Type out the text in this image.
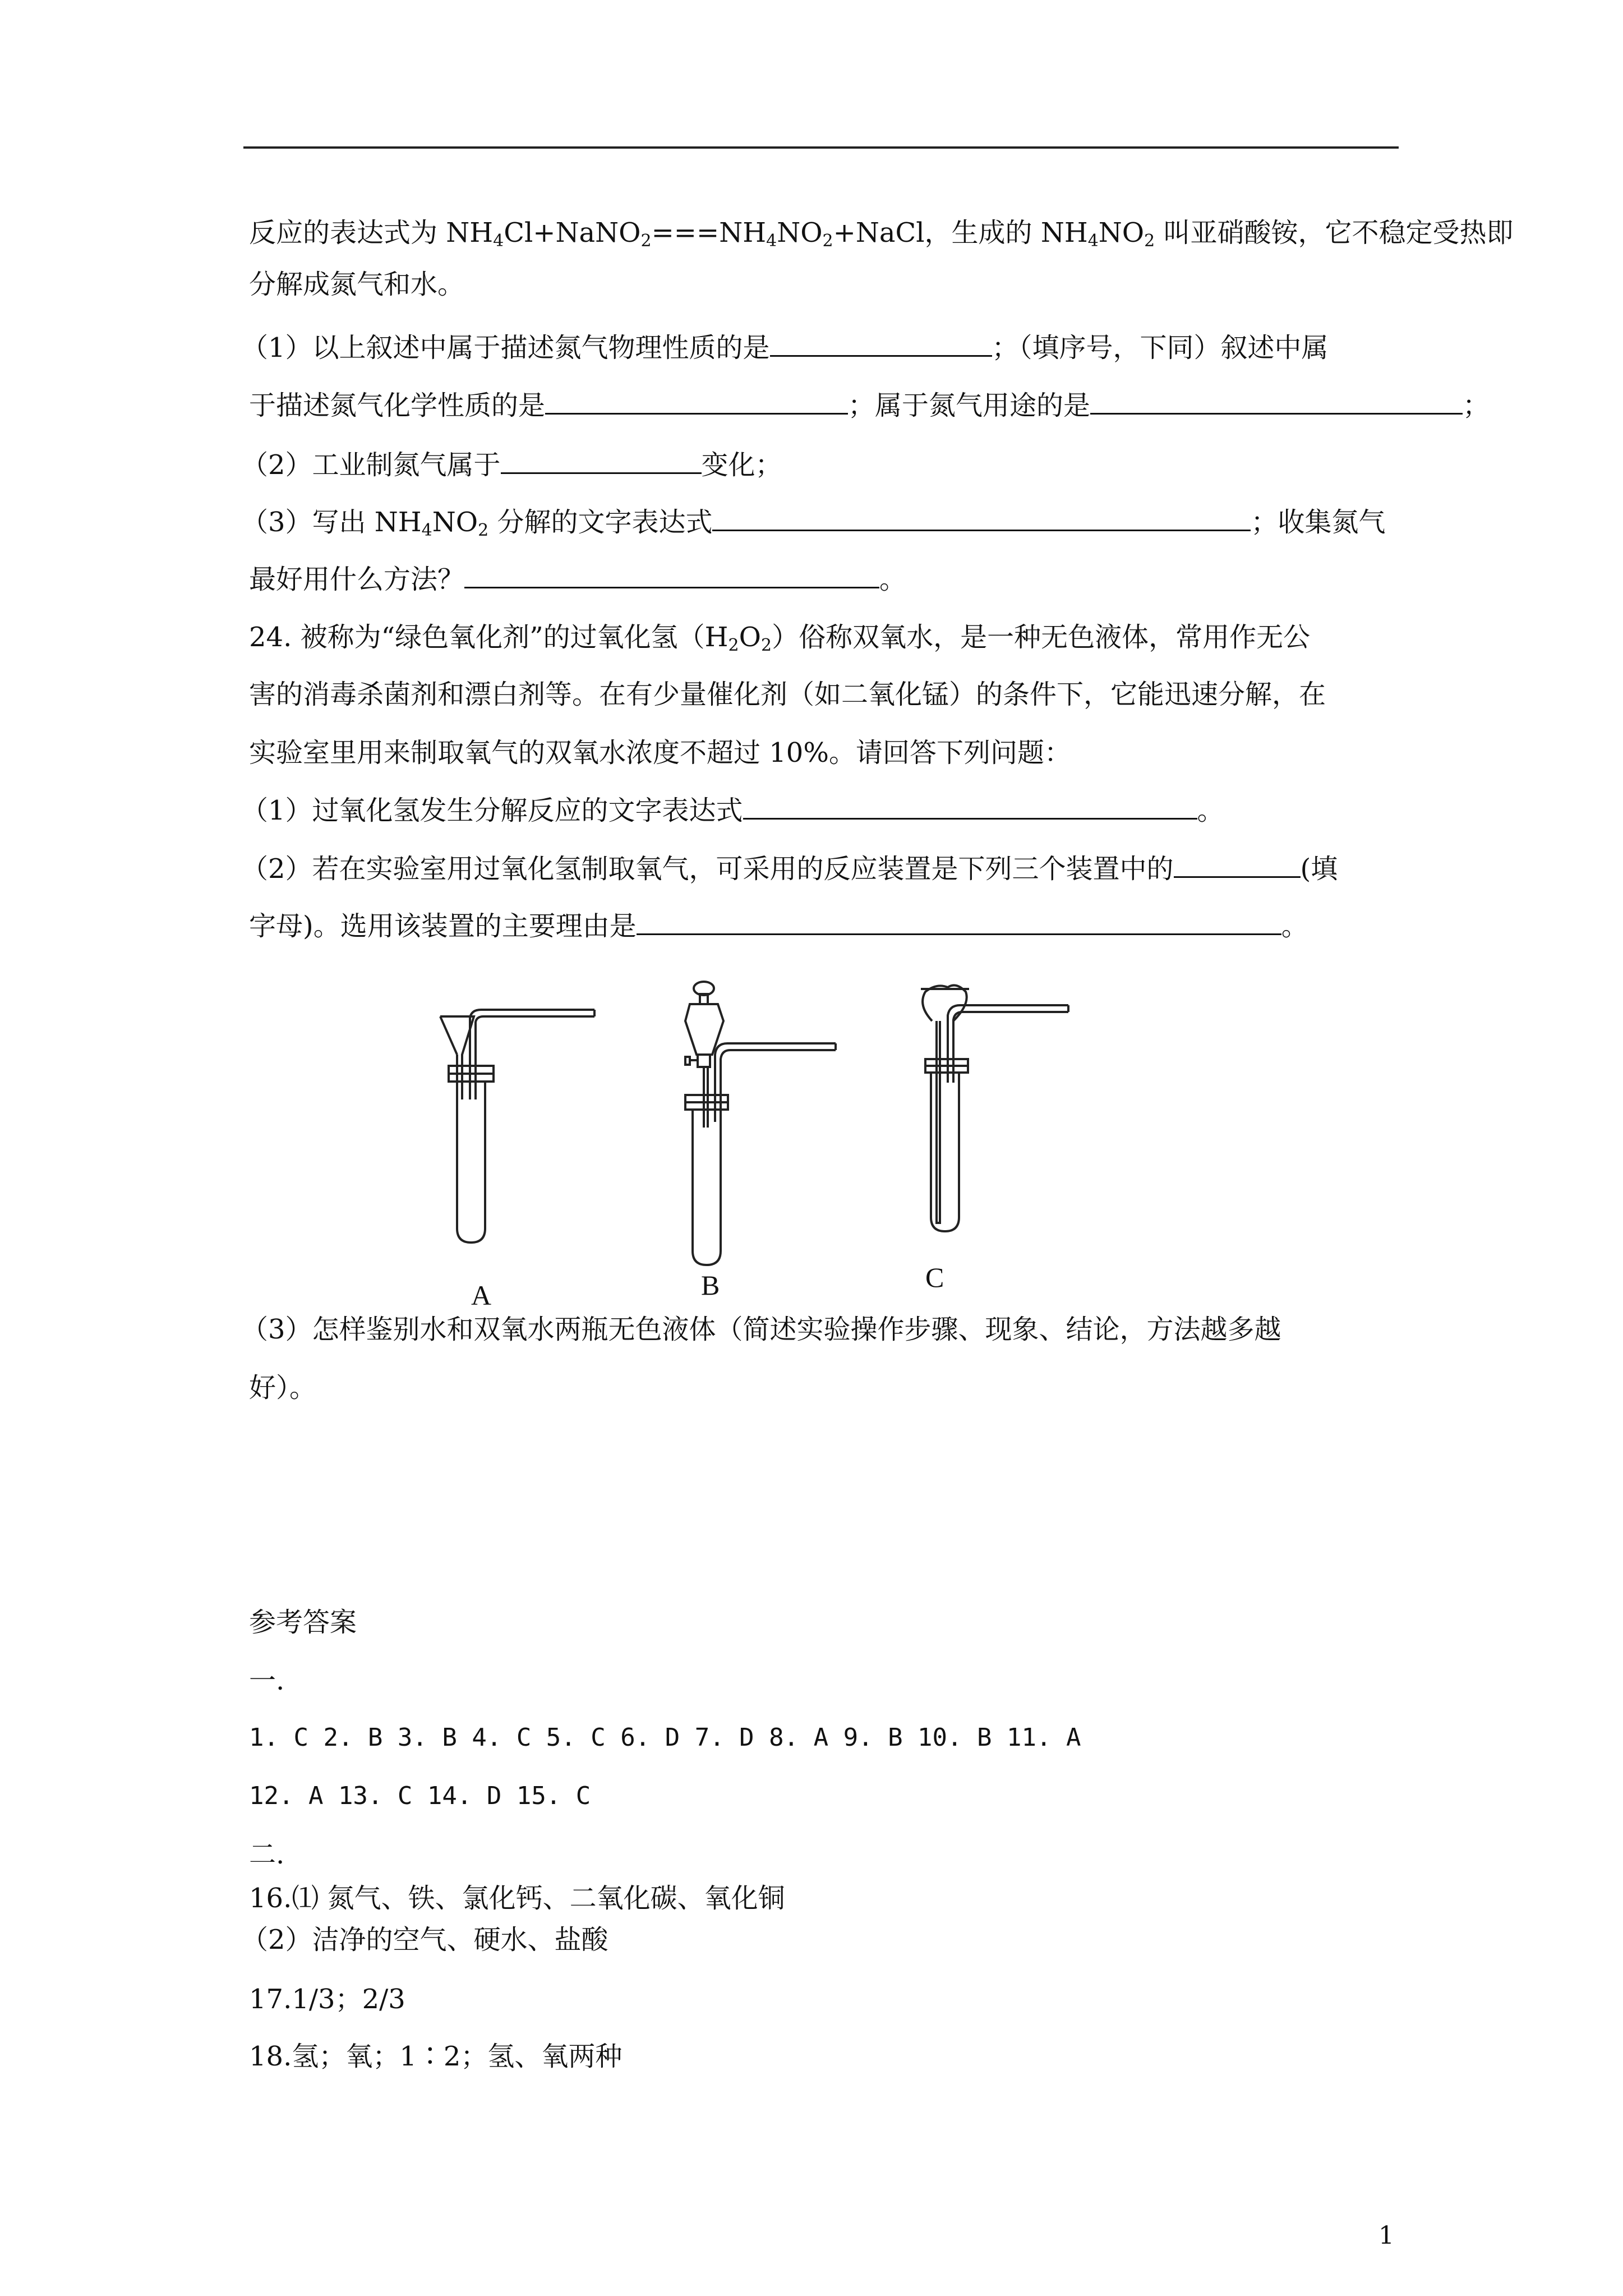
反应的表达式为 $NH_4Cl+NaNO_2===NH_4NO_2+NaCl$，生成的 $NH_4NO_2$ 叫亚硝酸铵，它不稳定受热即
分解成氮气和水。
（1）以上叙述中属于描述氮气物理性质的是	；（填序号，下同）叙述中属
于描述氮气化学性质的是	；属于氮气用途的是	；
（2）工业制氮气属于	变化；
（3）写出 $NH_4NO_2$ 分解的文字表达式	；收集氮气
最好用什么方法？	。
24. 被称为“绿色氧化剂”的过氧化氢$(H_2O_2)$俗称双氧水，是一种无色液体，常用作无公
害的消毒杀菌剂和漂白剂等。在有少量催化剂（如二氧化锰）的条件下，它能迅速分解，在
实验室里用来制取氧气的双氧水浓度不超过 10%。请回答下列问题：
（1）过氧化氢发生分解反应的文字表达式	。
（2）若在实验室用过氧化氢制取氧气，可采用的反应装置是下列三个装置中的	(填
字母)。选用该装置的主要理由是	。
A	B	C
（3）怎样鉴别水和双氧水两瓶无色液体（简述实验操作步骤、现象、结论，方法越多越
好）。
参考答案
一.
1. C 2. B 3. B 4. C 5. C 6. D 7. D 8. A 9. B 10. B 11. A
12. A 13. C 14. D 15. C
二.
16.⑴ 氮气、铁、氯化钙、二氧化碳、氧化铜
（2）洁净的空气、硬水、盐酸
17.1/3；2/3
18.氢；氧；1∶2；氢、氧两种
1
